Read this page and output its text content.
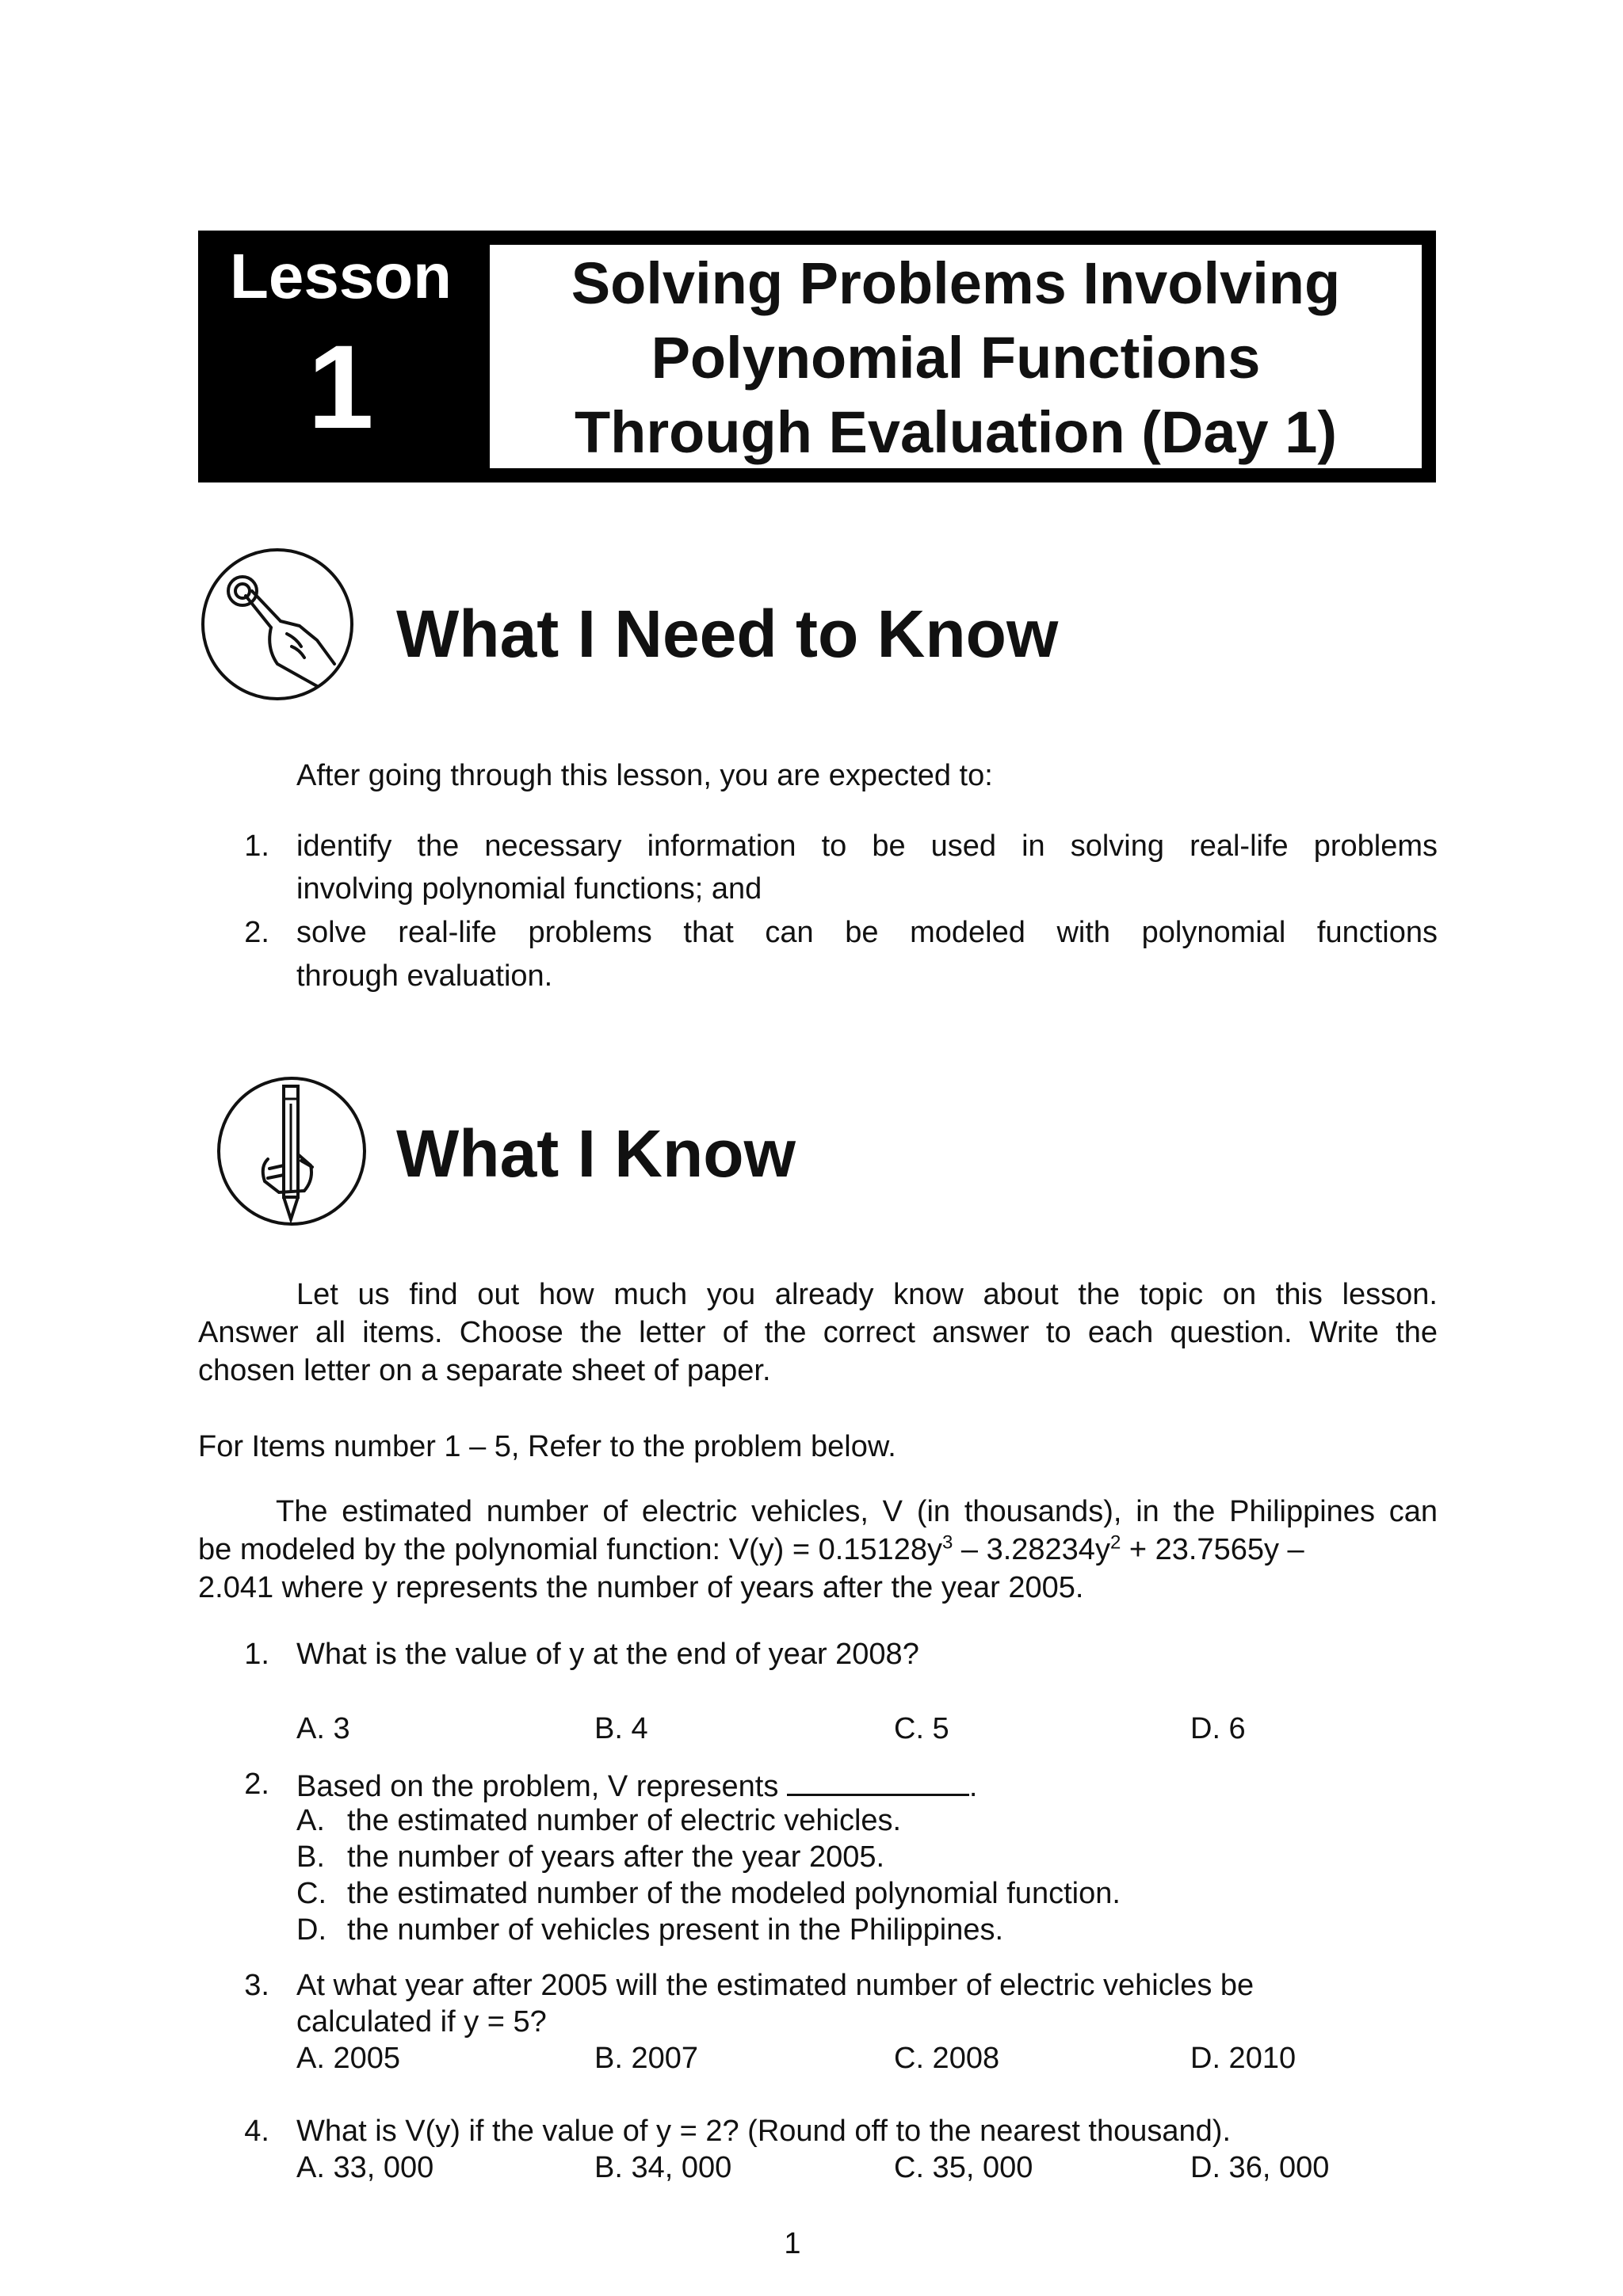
Lesson
1
Solving Problems Involving
Polynomial Functions
Through Evaluation (Day 1)
What I Need to Know
After going through this lesson, you are expected to:
1. identify the necessary information to be used in solving real-life problems
involving polynomial functions; and
2. solve real-life problems that can be modeled with polynomial functions
through evaluation.
What I Know
Let us find out how much you already know about the topic on this lesson.
Answer all items. Choose the letter of the correct answer to each question. Write the
chosen letter on a separate sheet of paper.
For Items number 1 – 5, Refer to the problem below.
The estimated number of electric vehicles, V (in thousands), in the Philippines can
be modeled by the polynomial function: $V(y) = 0.15128y^3 - 3.28234y^2 + 23.7565y$ –
2.041 where y represents the number of years after the year 2005.
1. What is the value of y at the end of year 2008?
A. 3	B. 4	C. 5	D. 6
2. Based on the problem, V represents	.
A. the estimated number of electric vehicles.
B. the number of years after the year 2005.
C. the estimated number of the modeled polynomial function.
D. the number of vehicles present in the Philippines.
3. At what year after 2005 will the estimated number of electric vehicles be
calculated if y = 5?
A. 2005	B. 2007	C. 2008	D. 2010
4. What is V(y) if the value of y = 2? (Round off to the nearest thousand).
A. 33, 000	B. 34, 000	C. 35, 000	D. 36, 000
1
